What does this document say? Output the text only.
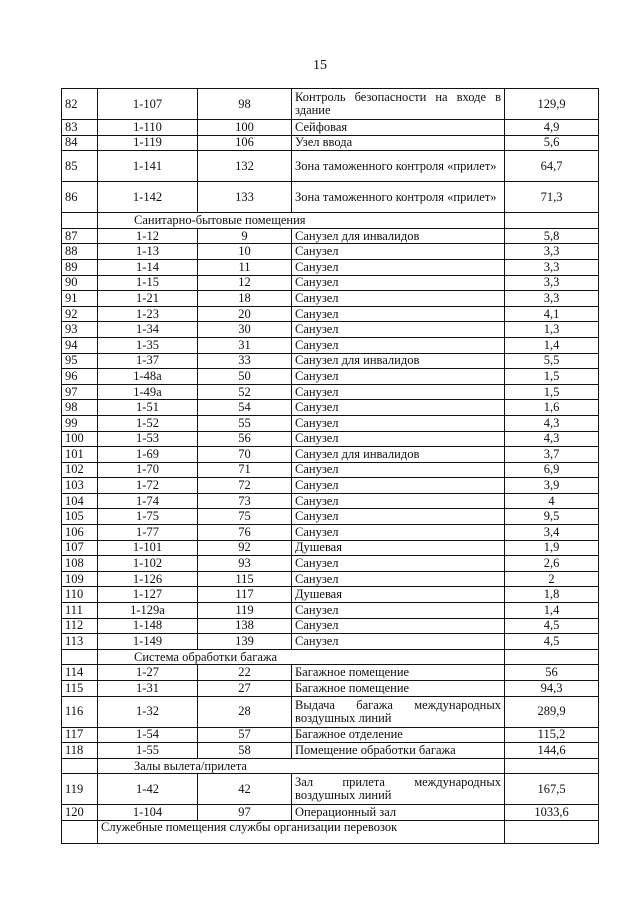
15
82	1-107	98	Контроль безопасности на входе в здание	129,9
83	1-110	100	Сейфовая	4,9
84	1-119	106	Узел ввода	5,6
85	1-141	132	Зона таможенного контроля «прилет»	64,7
86	1-142	133	Зона таможенного контроля «прилет»	71,3
	Санитарно-бытовые помещения			
87	1-12	9	Санузел для инвалидов	5,8
88	1-13	10	Санузел	3,3
89	1-14	11	Санузел	3,3
90	1-15	12	Санузел	3,3
91	1-21	18	Санузел	3,3
92	1-23	20	Санузел	4,1
93	1-34	30	Санузел	1,3
94	1-35	31	Санузел	1,4
95	1-37	33	Санузел для инвалидов	5,5
96	1-48а	50	Санузел	1,5
97	1-49а	52	Санузел	1,5
98	1-51	54	Санузел	1,6
99	1-52	55	Санузел	4,3
100	1-53	56	Санузел	4,3
101	1-69	70	Санузел для инвалидов	3,7
102	1-70	71	Санузел	6,9
103	1-72	72	Санузел	3,9
104	1-74	73	Санузел	4
105	1-75	75	Санузел	9,5
106	1-77	76	Санузел	3,4
107	1-101	92	Душевая	1,9
108	1-102	93	Санузел	2,6
109	1-126	115	Санузел	2
110	1-127	117	Душевая	1,8
111	1-129а	119	Санузел	1,4
112	1-148	138	Санузел	4,5
113	1-149	139	Санузел	4,5
	Система обработки багажа			
114	1-27	22	Багажное помещение	56
115	1-31	27	Багажное помещение	94,3
116	1-32	28	Выдача багажа международных воздушных линий	289,9
117	1-54	57	Багажное отделение	115,2
118	1-55	58	Помещение обработки багажа	144,6
	Залы вылета/прилета			
119	1-42	42	Зал прилета международных воздушных линий	167,5
120	1-104	97	Операционный зал	1033,6
	Служебные помещения службы организации перевозок			
